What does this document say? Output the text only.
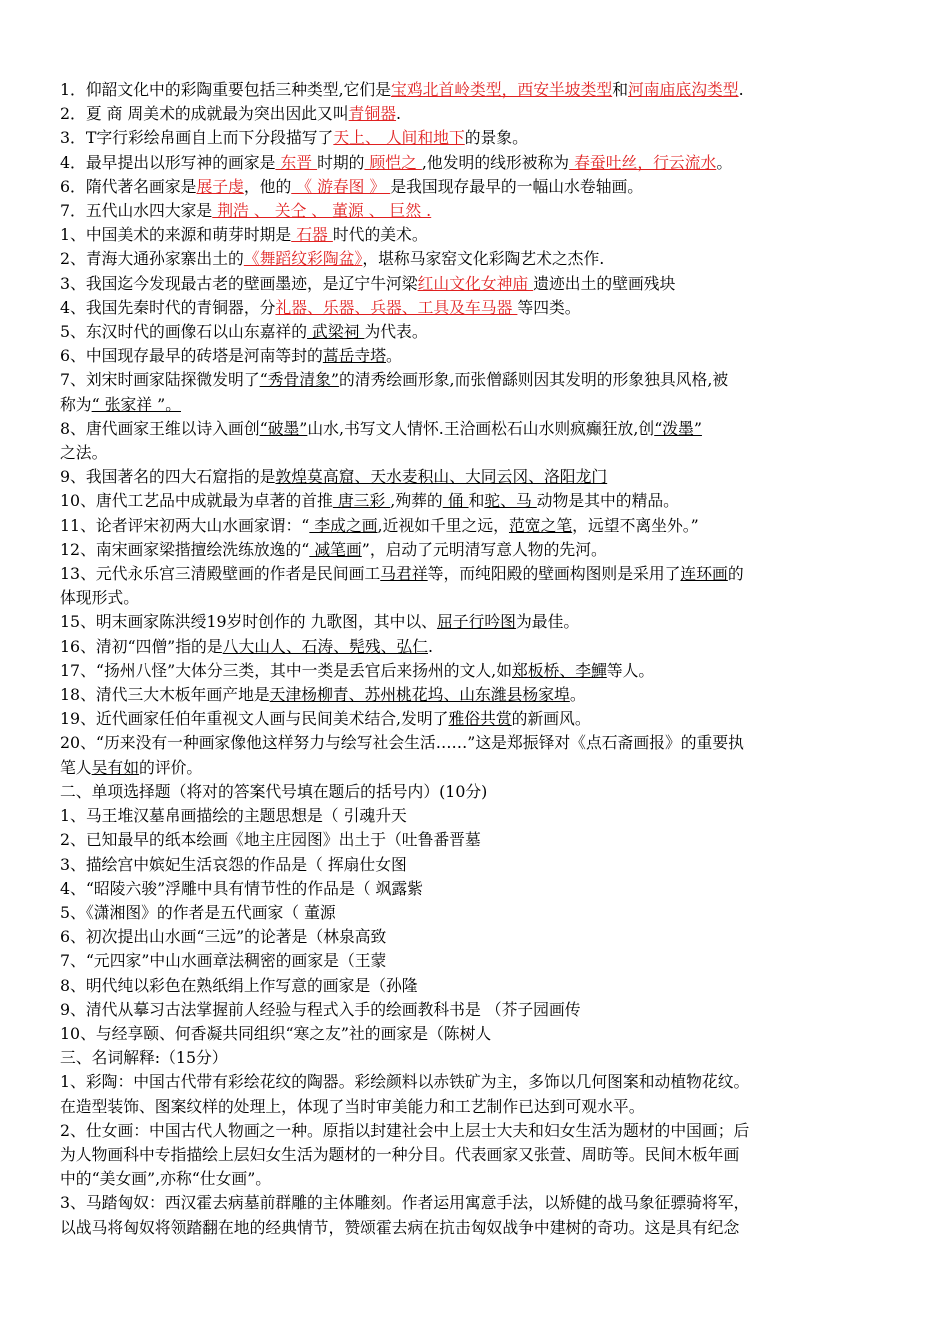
1．仰韶文化中的彩陶重要包括三种类型,它们是宝鸡北首岭类型，西安半坡类型和河南庙底沟类型.
2．夏 商 周美术的成就最为突出因此又叫青铜器.
3．T字行彩绘帛画自上而下分段描写了天上、 人间和地下的景象。
4．最早提出以形写神的画家是 东晋 时期的 顾恺之 ,他发明的线形被称为 春蚕吐丝，行云流水。
6．隋代著名画家是展子虔，他的 《 游春图 》 是我国现存最早的一幅山水卷轴画。
7．五代山水四大家是 荆浩 、 关仝 、 董源 、 巨然 .
1、中国美术的来源和萌芽时期是 石器 时代的美术。
2、青海大通孙家寨出土的《舞蹈纹彩陶盆》，堪称马家窑文化彩陶艺术之杰作.
3、我国迄今发现最古老的壁画墨迹，是辽宁牛河梁红山文化女神庙 遗迹出土的壁画残块
4、我国先秦时代的青铜器，分礼器、乐器、兵器、工具及车马器 等四类。
5、东汉时代的画像石以山东嘉祥的 武梁祠 为代表。
6、中国现存最早的砖塔是河南等封的蒿岳寺塔。
7、刘宋时画家陆探微发明了“秀骨清象”的清秀绘画形象,而张僧繇则因其发明的形象独具风格,被
称为“ 张家祥 ”。
8、唐代画家王维以诗入画创“破墨”山水,书写文人情怀.王洽画松石山水则疯癫狂放,创“泼墨”
之法。
9、我国著名的四大石窟指的是敦煌莫高窟、天水麦积山、大同云冈、洛阳龙门
10、唐代工艺品中成就最为卓著的首推 唐三彩 ,殉葬的 俑 和驼、马 动物是其中的精品。
11、论者评宋初两大山水画家谓：“ 李成之画,近视如千里之远，范宽之笔，远望不离坐外。”
12、南宋画家梁揩擅绘洗练放逸的“ 减笔画”，启动了元明清写意人物的先河。
13、元代永乐宫三清殿壁画的作者是民间画工马君祥等，而纯阳殿的壁画构图则是采用了连环画的
体现形式。
15、明末画家陈洪绶19岁时创作的 九歌图，其中以、屈子行吟图为最佳。
16、清初“四僧”指的是八大山人、石涛、髡残、弘仁.
17、“扬州八怪”大体分三类，其中一类是丢官后来扬州的文人,如郑板桥、李鱓等人。
18、清代三大木板年画产地是天津杨柳青、苏州桃花坞、山东潍县杨家埠。
19、近代画家任伯年重视文人画与民间美术结合,发明了雅俗共赏的新画风。
20、“历来没有一种画家像他这样努力与绘写社会生活……”这是郑振铎对《点石斋画报》的重要执
笔人吴有如的评价。
二、单项选择题（将对的答案代号填在题后的括号内）(10分)
1、马王堆汉墓帛画描绘的主题思想是（ 引魂升天
2、已知最早的纸本绘画《地主庄园图》出土于（吐鲁番晋墓
3、描绘宫中嫔妃生活哀怨的作品是（ 挥扇仕女图
4、“昭陵六骏”浮雕中具有情节性的作品是（ 飒露紫
5、《潇湘图》的作者是五代画家（ 董源
6、初次提出山水画“三远”的论著是（林泉高致
7、“元四家”中山水画章法稠密的画家是（王蒙
8、明代纯以彩色在熟纸绢上作写意的画家是（孙隆
9、清代从摹习古法掌握前人经验与程式入手的绘画教科书是 （芥子园画传
10、与经享颐、何香凝共同组织“寒之友”社的画家是（陈树人
三、名词解释:（15分）
1、彩陶：中国古代带有彩绘花纹的陶器。彩绘颜料以赤铁矿为主，多饰以几何图案和动植物花纹。
在造型装饰、图案纹样的处理上，体现了当时审美能力和工艺制作已达到可观水平。
2、仕女画：中国古代人物画之一种。原指以封建社会中上层士大夫和妇女生活为题材的中国画；后
为人物画科中专指描绘上层妇女生活为题材的一种分目。代表画家又张萱、周昉等。民间木板年画
中的“美女画”,亦称“仕女画”。
3、马踏匈奴：西汉霍去病墓前群雕的主体雕刻。作者运用寓意手法，以矫健的战马象征骠骑将军，
以战马将匈奴将领踏翻在地的经典情节，赞颂霍去病在抗击匈奴战争中建树的奇功。这是具有纪念
